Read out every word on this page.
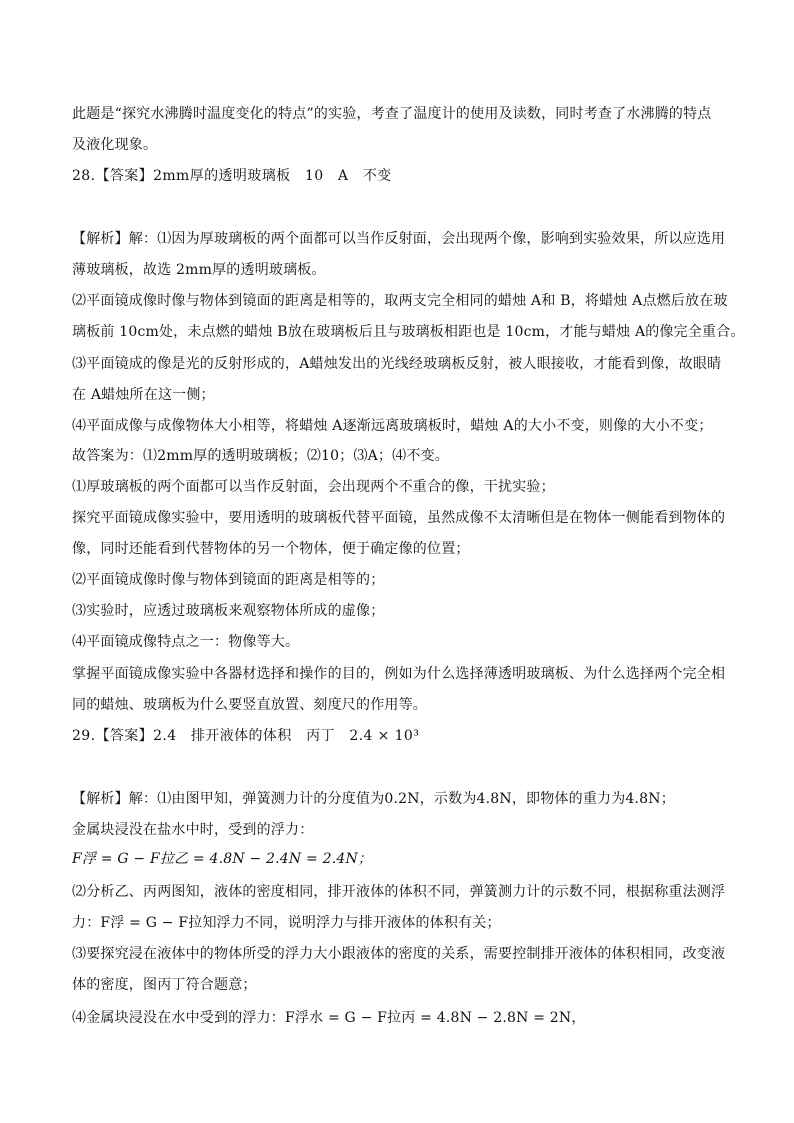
此题是“探究水沸腾时温度变化的特点”的实验，考查了温度计的使用及读数，同时考查了水沸腾的特点
及液化现象。
28.【答案】2mm厚的透明玻璃板　10　A　不变
【解析】解：⑴因为厚玻璃板的两个面都可以当作反射面，会出现两个像，影响到实验效果，所以应选用
薄玻璃板，故选 2mm厚的透明玻璃板。
⑵平面镜成像时像与物体到镜面的距离是相等的，取两支完全相同的蜡烛 A和 B，将蜡烛 A点燃后放在玻
璃板前 10cm处，未点燃的蜡烛 B放在玻璃板后且与玻璃板相距也是 10cm，才能与蜡烛 A的像完全重合。
⑶平面镜成的像是光的反射形成的，A蜡烛发出的光线经玻璃板反射，被人眼接收，才能看到像，故眼睛
在 A蜡烛所在这一侧；
⑷平面成像与成像物体大小相等，将蜡烛 A逐渐远离玻璃板时，蜡烛 A的大小不变，则像的大小不变；
故答案为：⑴2mm厚的透明玻璃板；⑵10；⑶A；⑷不变。
⑴厚玻璃板的两个面都可以当作反射面，会出现两个不重合的像，干扰实验；
探究平面镜成像实验中，要用透明的玻璃板代替平面镜，虽然成像不太清晰但是在物体一侧能看到物体的
像，同时还能看到代替物体的另一个物体，便于确定像的位置；
⑵平面镜成像时像与物体到镜面的距离是相等的；
⑶实验时，应透过玻璃板来观察物体所成的虚像；
⑷平面镜成像特点之一：物像等大。
掌握平面镜成像实验中各器材选择和操作的目的，例如为什么选择薄透明玻璃板、为什么选择两个完全相
同的蜡烛、玻璃板为什么要竖直放置、刻度尺的作用等。
29.【答案】2.4　排开液体的体积　丙丁　2.4 × 10³
【解析】解：⑴由图甲知，弹簧测力计的分度值为0.2N，示数为4.8N，即物体的重力为4.8N；
金属块浸没在盐水中时，受到的浮力：
F浮 = G − F拉乙 = 4.8N − 2.4N = 2.4N；
⑵分析乙、丙两图知，液体的密度相同，排开液体的体积不同，弹簧测力计的示数不同，根据称重法测浮
力：F浮 = G − F拉知浮力不同，说明浮力与排开液体的体积有关；
⑶要探究浸在液体中的物体所受的浮力大小跟液体的密度的关系，需要控制排开液体的体积相同，改变液
体的密度，图丙丁符合题意；
⑷金属块浸没在水中受到的浮力：F浮水 = G − F拉丙 = 4.8N − 2.8N = 2N，
